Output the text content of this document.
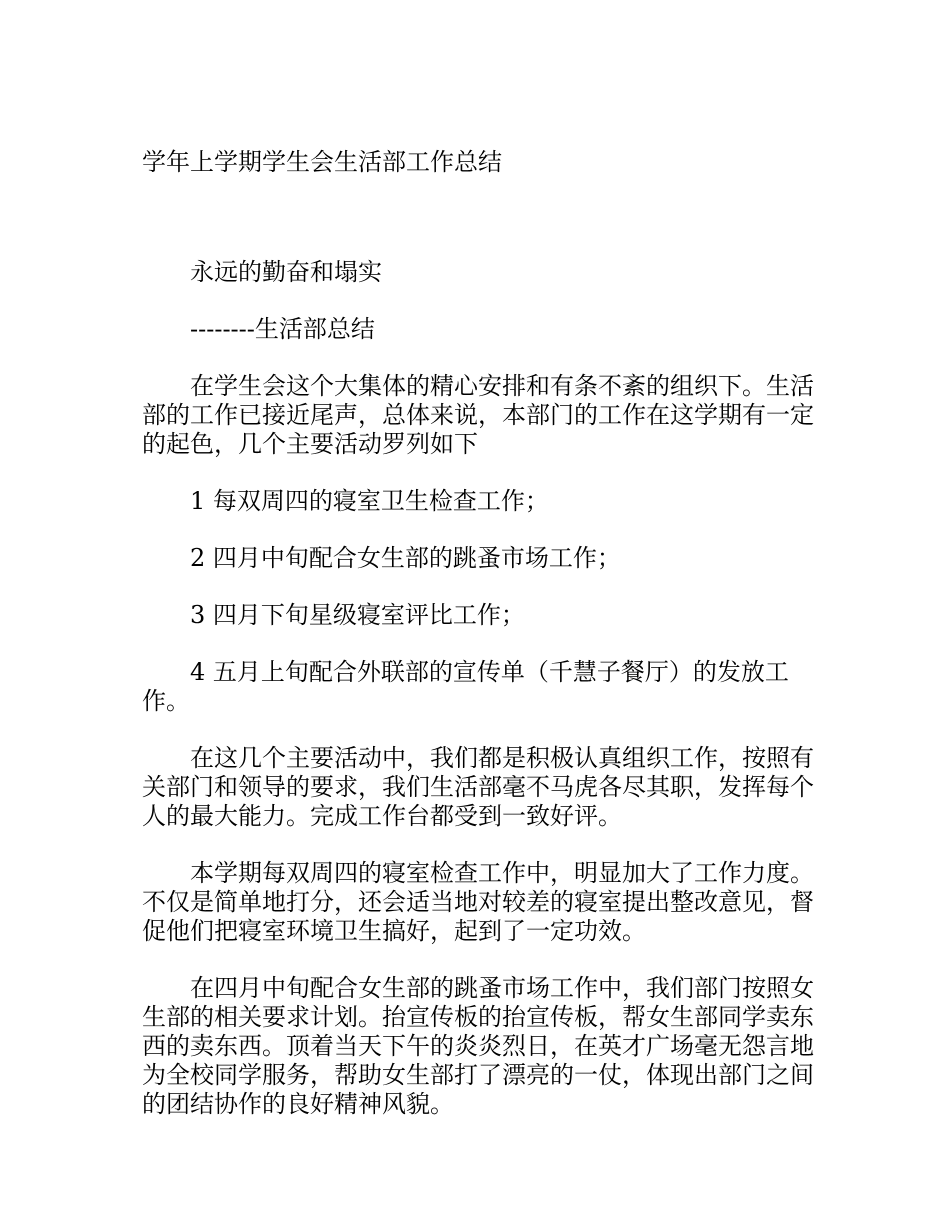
学年上学期学生会生活部工作总结

永远的勤奋和塌实

--------生活部总结

在学生会这个大集体的精心安排和有条不紊的组织下。生活部的工作已接近尾声，总体来说，本部门的工作在这学期有一定的起色，几个主要活动罗列如下

1 每双周四的寝室卫生检查工作；

2 四月中旬配合女生部的跳蚤市场工作；

3 四月下旬星级寝室评比工作；

4 五月上旬配合外联部的宣传单（千慧子餐厅）的发放工作。

在这几个主要活动中，我们都是积极认真组织工作，按照有关部门和领导的要求，我们生活部毫不马虎各尽其职，发挥每个人的最大能力。完成工作台都受到一致好评。

本学期每双周四的寝室检查工作中，明显加大了工作力度。不仅是简单地打分，还会适当地对较差的寝室提出整改意见，督促他们把寝室环境卫生搞好，起到了一定功效。

在四月中旬配合女生部的跳蚤市场工作中，我们部门按照女生部的相关要求计划。抬宣传板的抬宣传板，帮女生部同学卖东西的卖东西。顶着当天下午的炎炎烈日，在英才广场毫无怨言地为全校同学服务，帮助女生部打了漂亮的一仗，体现出部门之间的团结协作的良好精神风貌。
